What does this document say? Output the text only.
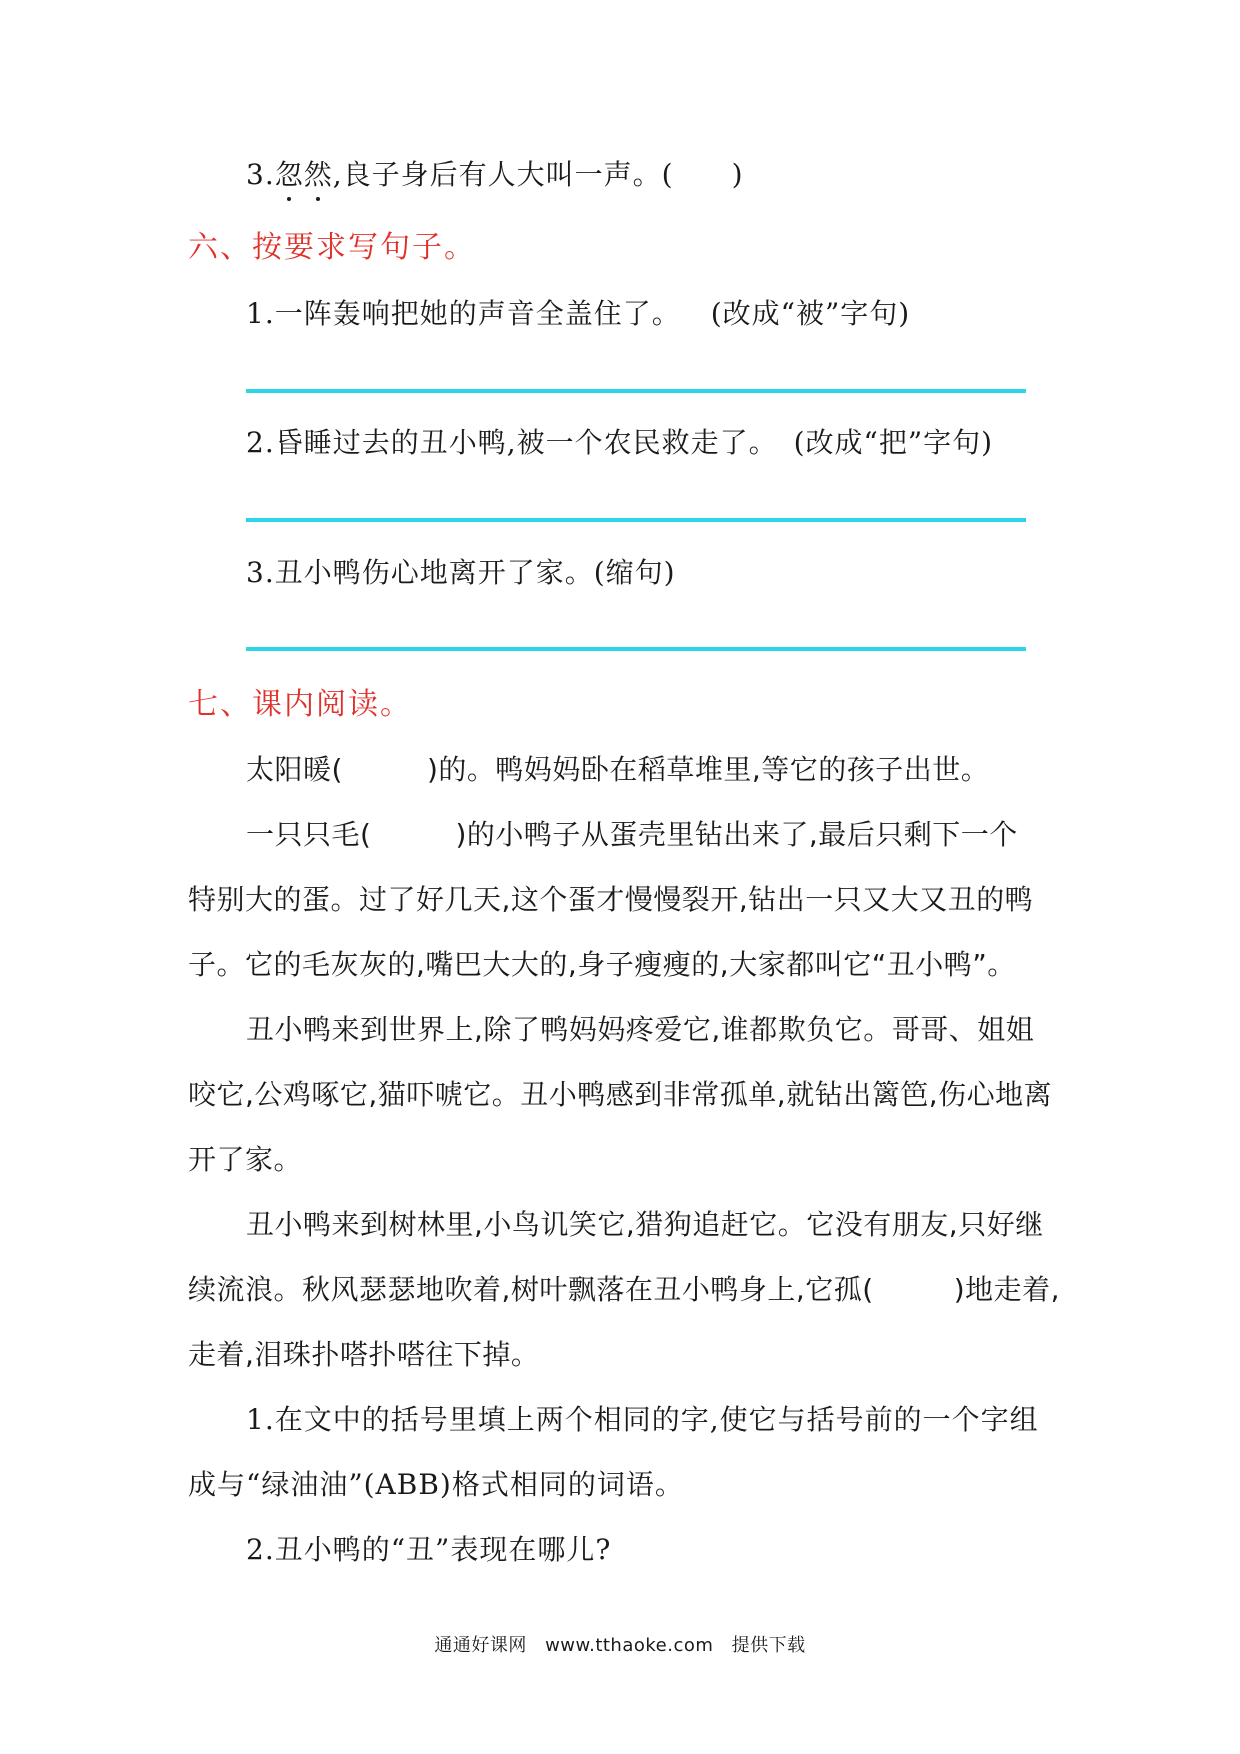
3.忽然,良子身后有人大叫一声。( )
六、按要求写句子。
1.一阵轰响把她的声音全盖住了。 (改成“被”字句)
2.昏睡过去的丑小鸭,被一个农民救走了。 (改成“把”字句)
3.丑小鸭伤心地离开了家。(缩句)
七、课内阅读。
太阳暖(	)的。鸭妈妈卧在稻草堆里,等它的孩子出世。
一只只毛(	)的小鸭子从蛋壳里钻出来了,最后只剩下一个
特别大的蛋。过了好几天,这个蛋才慢慢裂开,钻出一只又大又丑的鸭
子。它的毛灰灰的,嘴巴大大的,身子瘦瘦的,大家都叫它“丑小鸭”。
丑小鸭来到世界上,除了鸭妈妈疼爱它,谁都欺负它。哥哥、姐姐
咬它,公鸡啄它,猫吓唬它。丑小鸭感到非常孤单,就钻出篱笆,伤心地离
开了家。
丑小鸭来到树林里,小鸟讥笑它,猎狗追赶它。它没有朋友,只好继
续流浪。秋风瑟瑟地吹着,树叶飘落在丑小鸭身上,它孤(	)地走着,
走着,泪珠扑嗒扑嗒往下掉。
1.在文中的括号里填上两个相同的字,使它与括号前的一个字组
成与“绿油油”(ABB)格式相同的词语。
2.丑小鸭的“丑”表现在哪儿?
通通好课网 www.tthaoke.com 提供下载
